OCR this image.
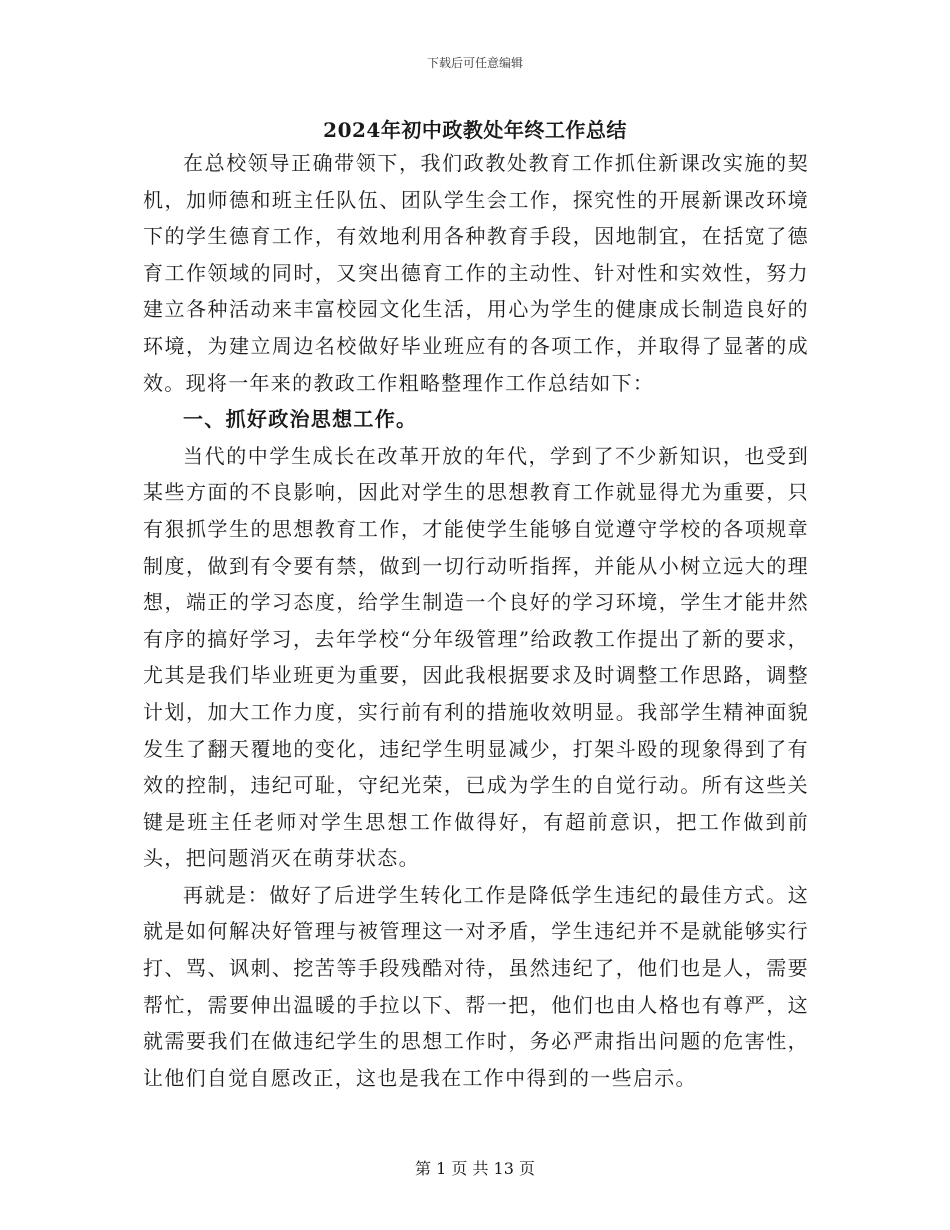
下载后可任意编辑
2024年初中政教处年终工作总结

在总校领导正确带领下，我们政教处教育工作抓住新课改实施的契机，加师德和班主任队伍、团队学生会工作，探究性的开展新课改环境下的学生德育工作，有效地利用各种教育手段，因地制宜，在括宽了德育工作领域的同时，又突出德育工作的主动性、针对性和实效性，努力建立各种活动来丰富校园文化生活，用心为学生的健康成长制造良好的环境，为建立周边名校做好毕业班应有的各项工作，并取得了显著的成效。现将一年来的教政工作粗略整理作工作总结如下：

一、抓好政治思想工作。

当代的中学生成长在改革开放的年代，学到了不少新知识，也受到某些方面的不良影响，因此对学生的思想教育工作就显得尤为重要，只有狠抓学生的思想教育工作，才能使学生能够自觉遵守学校的各项规章制度，做到有令要有禁，做到一切行动听指挥，并能从小树立远大的理想，端正的学习态度，给学生制造一个良好的学习环境，学生才能井然有序的搞好学习，去年学校“分年级管理”给政教工作提出了新的要求，尤其是我们毕业班更为重要，因此我根据要求及时调整工作思路，调整计划，加大工作力度，实行前有利的措施收效明显。我部学生精神面貌发生了翻天覆地的变化，违纪学生明显减少，打架斗殴的现象得到了有效的控制，违纪可耻，守纪光荣，已成为学生的自觉行动。所有这些关键是班主任老师对学生思想工作做得好，有超前意识，把工作做到前头，把问题消灭在萌芽状态。

再就是：做好了后进学生转化工作是降低学生违纪的最佳方式。这就是如何解决好管理与被管理这一对矛盾，学生违纪并不是就能够实行打、骂、讽刺、挖苦等手段残酷对待，虽然违纪了，他们也是人，需要帮忙，需要伸出温暖的手拉以下、帮一把，他们也由人格也有尊严，这就需要我们在做违纪学生的思想工作时，务必严肃指出问题的危害性，让他们自觉自愿改正，这也是我在工作中得到的一些启示。

第 1 页 共 13 页
